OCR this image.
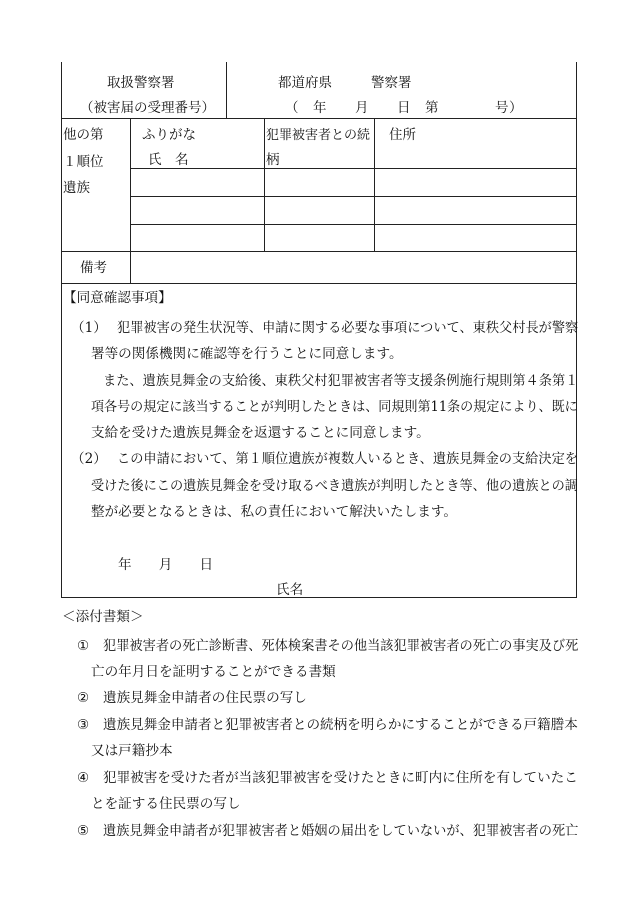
取扱警察署
（被害届の受理番号）
都道府県	警察署
（　年　　月　　日　第　　　　号）
他の第
１順位
遺族
ふりがな
氏　名
犯罪被害者との続
柄
住所
備考
【同意確認事項】
（1） 犯罪被害の発生状況等、申請に関する必要な事項について、東秩父村長が警察
署等の関係機関に確認等を行うことに同意します。
また、遺族見舞金の支給後、東秩父村犯罪被害者等支援条例施行規則第４条第１
項各号の規定に該当することが判明したときは、同規則第11条の規定により、既に
支給を受けた遺族見舞金を返還することに同意します。
（2） この申請において、第１順位遺族が複数人いるとき、遺族見舞金の支給決定を
受けた後にこの遺族見舞金を受け取るべき遺族が判明したとき等、他の遺族との調
整が必要となるときは、私の責任において解決いたします。
年　　月　　日
氏名
＜添付書類＞
① 犯罪被害者の死亡診断書、死体検案書その他当該犯罪被害者の死亡の事実及び死
亡の年月日を証明することができる書類
② 遺族見舞金申請者の住民票の写し
③ 遺族見舞金申請者と犯罪被害者との続柄を明らかにすることができる戸籍謄本
又は戸籍抄本
④ 犯罪被害を受けた者が当該犯罪被害を受けたときに町内に住所を有していたこ
とを証する住民票の写し
⑤ 遺族見舞金申請者が犯罪被害者と婚姻の届出をしていないが、犯罪被害者の死亡
